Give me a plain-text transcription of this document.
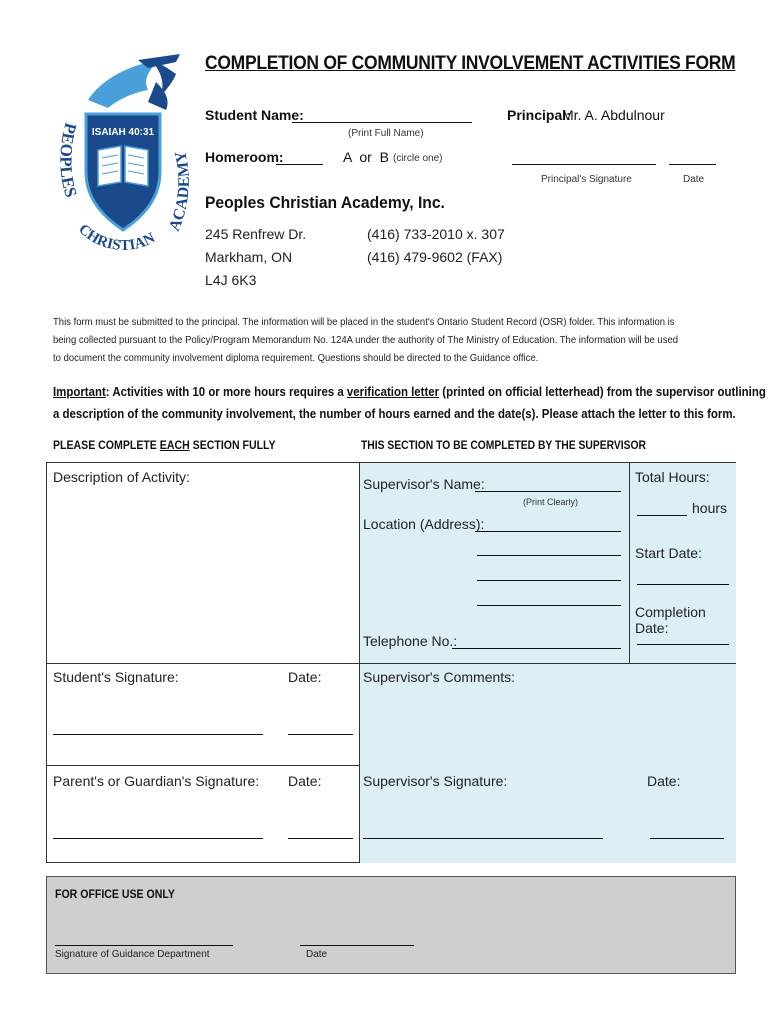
PEOPLES
CHRISTIAN
ACADEMY
ISAIAH 40:31
COMPLETION OF COMMUNITY INVOLVEMENT ACTIVITIES FORM
Student Name:
(Print Full Name)
Homeroom:	A  or  B (circle one)
Principal:
Mr. A. Abdulnour
Principal's Signature	Date
Peoples Christian Academy, Inc.
245 Renfrew Dr.
Markham, ON
L4J 6K3
(416) 733-2010 x. 307
(416) 479-9602 (FAX)
This form must be submitted to the principal. The information will be placed in the student's Ontario Student Record (OSR) folder. This information is
being collected pursuant to the Policy/Program Memorandum No. 124A under the authority of The Ministry of Education. The information will be used
to document the community involvement diploma requirement. Questions should be directed to the Guidance office.
Important: Activities with 10 or more hours requires a verification letter (printed on official letterhead) from the supervisor outlining
a description of the community involvement, the number of hours earned and the date(s). Please attach the letter to this form.
PLEASE COMPLETE EACH SECTION FULLY	THIS SECTION TO BE COMPLETED BY THE SUPERVISOR
Description of Activity:	Supervisor's Name:
(Print Clearly)
Location (Address):
Telephone No.:
Total Hours:
hours
Start Date:
Completion Date:
Student's Signature:	Date:	Supervisor's Comments:
Parent's or Guardian's Signature: Date:	Supervisor's Signature:	Date:
FOR OFFICE USE ONLY
Signature of Guidance Department	Date
